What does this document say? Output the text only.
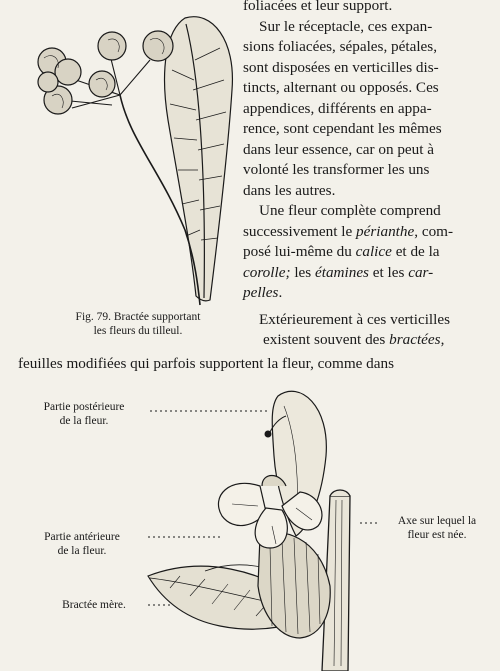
Fig. 79. Bractée supportant
les fleurs du tilleul.

foliacées et leur support.

Sur le réceptacle, ces expan-

sions foliacées, sépales, pétales,

sont disposées en verticilles dis-

tincts, alternant ou opposés. Ces

appendices, différents en appa-

rence, sont cependant les mêmes

dans leur essence, car on peut à

volonté les transformer les uns

dans les autres.

Une fleur complète comprend

successivement le périanthe, com-

posé lui-même du calice et de la

corolle; les étamines et les car-

pelles.

Extérieurement à ces verticilles

existent souvent des bractées,

feuilles modifiées qui parfois supportent la fleur, comme dans
Partie postérieure
de la fleur.
Partie antérieure
de la fleur.
Bractée mère.
Axe sur lequel la
fleur est née.
